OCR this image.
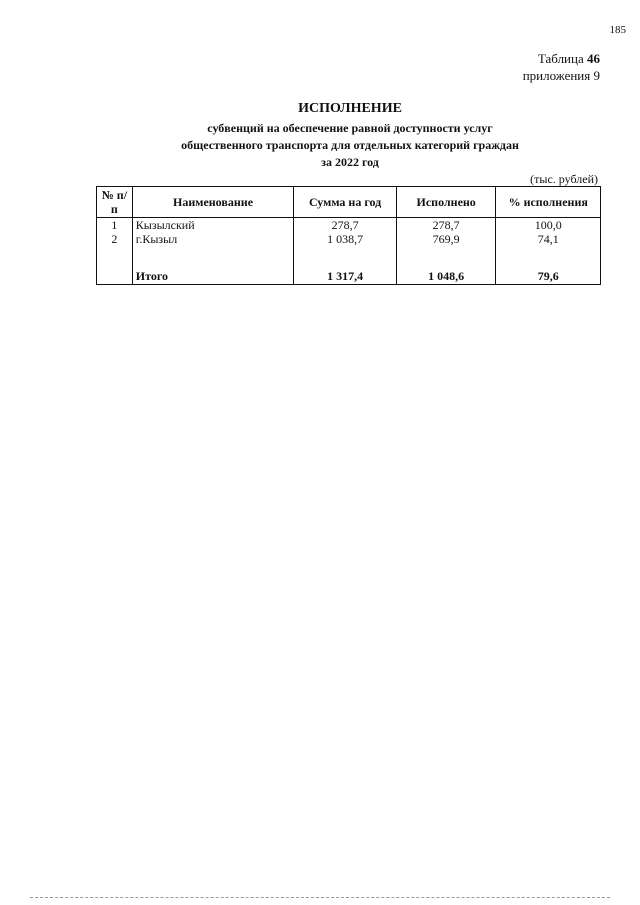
185
Таблица 46
приложения 9
ИСПОЛНЕНИЕ
субвенций на обеспечение равной доступности услуг
общественного транспорта для отдельных категорий граждан
за 2022 год
(тыс. рублей)
№ п/п	Наименование	Сумма на год	Исполнено	% исполнения
1	Кызылский	278,7	278,7	100,0
2	г.Кызыл	1 038,7	769,9	74,1

	Итого	1 317,4	1 048,6	79,6
